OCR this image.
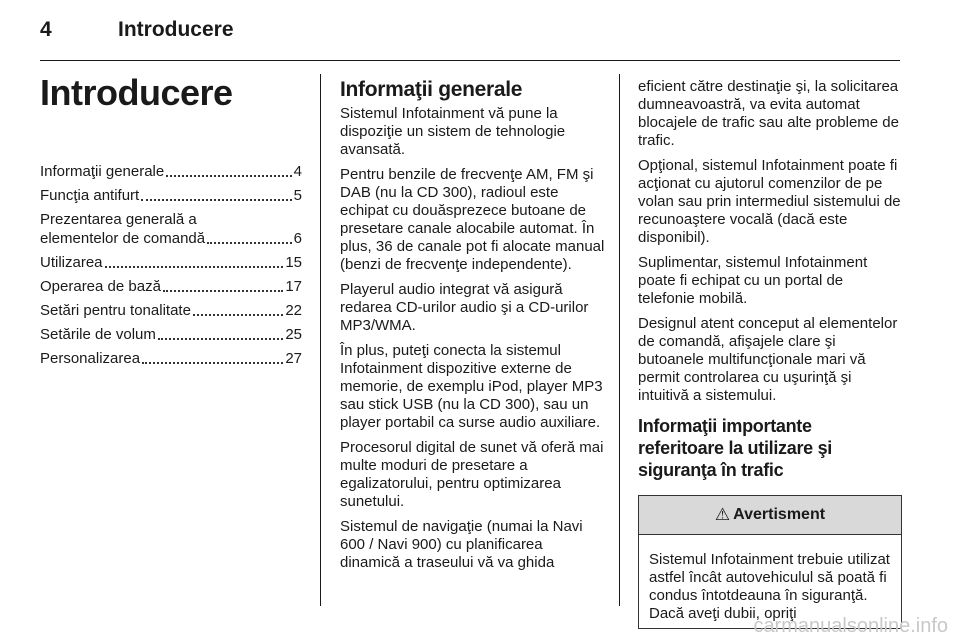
4	Introducere
Introducere
Informaţii generale	4
Funcţia antifurt	5
Prezentarea generală a
elementelor de comandă	6
Utilizarea	15
Operarea de bază	17
Setări pentru tonalitate	22
Setările de volum	25
Personalizarea	27
Informaţii generale

Sistemul Infotainment vă pune la dispoziţie un sistem de tehnologie avansată.

Pentru benzile de frecvenţe AM, FM şi DAB (nu la CD 300), radioul este echipat cu douăsprezece butoane de presetare canale alocabile automat. În plus, 36 de canale pot fi alocate manual (benzi de frecvenţe independente).

Playerul audio integrat vă asigură redarea CD-urilor audio şi a CD-urilor MP3/WMA.

În plus, puteţi conecta la sistemul Infotainment dispozitive externe de memorie, de exemplu iPod, player MP3 sau stick USB (nu la CD 300), sau un player portabil ca surse audio auxiliare.

Procesorul digital de sunet vă oferă mai multe moduri de presetare a egalizatorului, pentru optimizarea sunetului.

Sistemul de navigaţie (numai la Navi 600 / Navi 900) cu planificarea dinamică a traseului vă va ghida

eficient către destinaţie şi, la solicitarea dumneavoastră, va evita automat blocajele de trafic sau alte probleme de trafic.

Opţional, sistemul Infotainment poate fi acţionat cu ajutorul comenzilor de pe volan sau prin intermediul sistemului de recunoaştere vocală (dacă este disponibil).

Suplimentar, sistemul Infotainment poate fi echipat cu un portal de telefonie mobilă.

Designul atent conceput al elementelor de comandă, afişajele clare şi butoanele multifuncţionale mari vă permit controlarea cu uşurinţă şi intuitivă a sistemului.

Informaţii importante referitoare la utilizare şi siguranţa în trafic
⚠ Avertisment
Sistemul Infotainment trebuie utilizat astfel încât autovehiculul să poată fi condus întotdeauna în siguranţă. Dacă aveţi dubii, opriţi
carmanualsonline.info
